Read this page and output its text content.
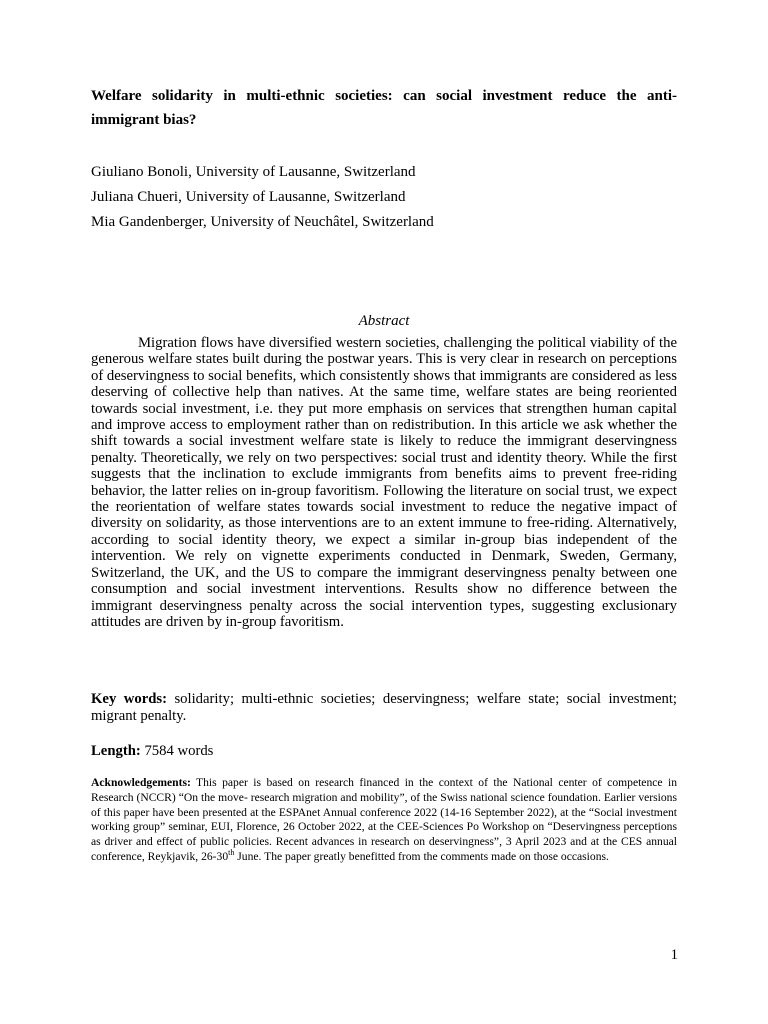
Welfare solidarity in multi-ethnic societies: can social investment reduce the anti-immigrant bias?
Giuliano Bonoli, University of Lausanne, Switzerland
Juliana Chueri, University of Lausanne, Switzerland
Mia Gandenberger, University of Neuchâtel, Switzerland
Abstract

Migration flows have diversified western societies, challenging the political viability of the generous welfare states built during the postwar years. This is very clear in research on perceptions of deservingness to social benefits, which consistently shows that immigrants are considered as less deserving of collective help than natives. At the same time, welfare states are being reoriented towards social investment, i.e. they put more emphasis on services that strengthen human capital and improve access to employment rather than on redistribution. In this article we ask whether the shift towards a social investment welfare state is likely to reduce the immigrant deservingness penalty. Theoretically, we rely on two perspectives: social trust and identity theory. While the first suggests that the inclination to exclude immigrants from benefits aims to prevent free-riding behavior, the latter relies on in-group favoritism. Following the literature on social trust, we expect the reorientation of welfare states towards social investment to reduce the negative impact of diversity on solidarity, as those interventions are to an extent immune to free-riding. Alternatively, according to social identity theory, we expect a similar in-group bias independent of the intervention. We rely on vignette experiments conducted in Denmark, Sweden, Germany, Switzerland, the UK, and the US to compare the immigrant deservingness penalty between one consumption and social investment interventions. Results show no difference between the immigrant deservingness penalty across the social intervention types, suggesting exclusionary attitudes are driven by in-group favoritism.

Key words: solidarity; multi-ethnic societies; deservingness; welfare state; social investment; migrant penalty.

Length: 7584 words

Acknowledgements: This paper is based on research financed in the context of the National center of competence in Research (NCCR) “On the move- research migration and mobility”, of the Swiss national science foundation. Earlier versions of this paper have been presented at the ESPAnet Annual conference 2022 (14-16 September 2022), at the “Social investment working group” seminar, EUI, Florence, 26 October 2022, at the CEE-Sciences Po Workshop on “Deservingness perceptions as driver and effect of public policies. Recent advances in research on deservingness”, 3 April 2023 and at the CES annual conference, Reykjavik, 26-30th June. The paper greatly benefitted from the comments made on those occasions.

1
